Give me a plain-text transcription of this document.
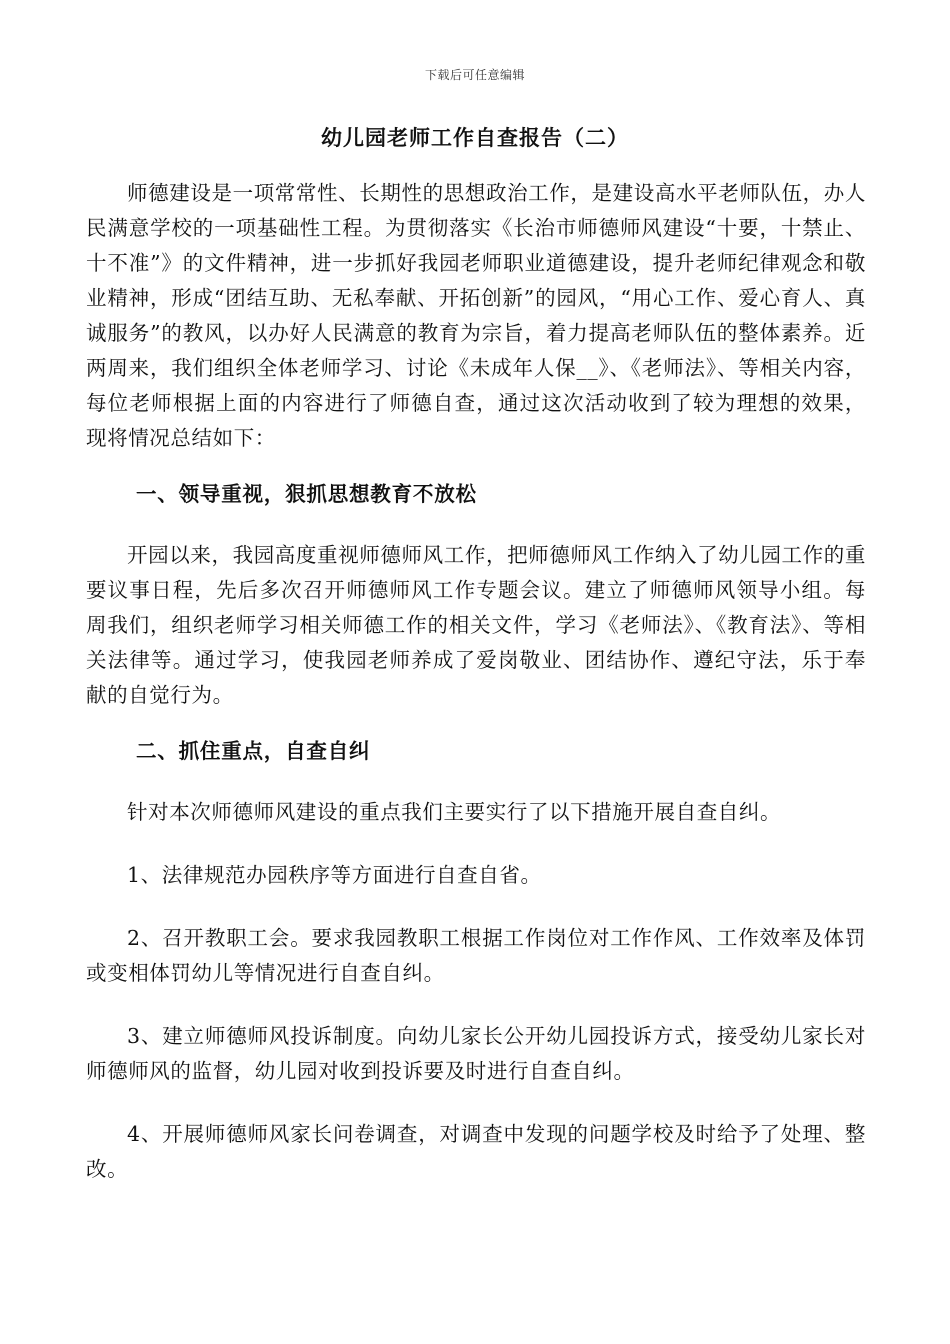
下载后可任意编辑
幼儿园老师工作自查报告（二）

师德建设是一项常常性、长期性的思想政治工作，是建设高水平老师队伍，办人民满意学校的一项基础性工程。为贯彻落实《长治市师德师风建设“十要，十禁止、十不准”》的文件精神，进一步抓好我园老师职业道德建设，提升老师纪律观念和敬业精神，形成“团结互助、无私奉献、开拓创新”的园风，“用心工作、爱心育人、真诚服务”的教风，以办好人民满意的教育为宗旨，着力提高老师队伍的整体素养。近两周来，我们组织全体老师学习、讨论《未成年人保__》、《老师法》、等相关内容，每位老师根据上面的内容进行了师德自查，通过这次活动收到了较为理想的效果，现将情况总结如下：

一、领导重视，狠抓思想教育不放松

开园以来，我园高度重视师德师风工作，把师德师风工作纳入了幼儿园工作的重要议事日程，先后多次召开师德师风工作专题会议。建立了师德师风领导小组。每周我们，组织老师学习相关师德工作的相关文件，学习《老师法》、《教育法》、等相关法律等。通过学习，使我园老师养成了爱岗敬业、团结协作、遵纪守法，乐于奉献的自觉行为。

二、抓住重点，自查自纠

针对本次师德师风建设的重点我们主要实行了以下措施开展自查自纠。

1、法律规范办园秩序等方面进行自查自省。

2、召开教职工会。要求我园教职工根据工作岗位对工作作风、工作效率及体罚或变相体罚幼儿等情况进行自查自纠。

3、建立师德师风投诉制度。向幼儿家长公开幼儿园投诉方式，接受幼儿家长对师德师风的监督，幼儿园对收到投诉要及时进行自查自纠。

4、开展师德师风家长问卷调查，对调查中发现的问题学校及时给予了处理、整改。
